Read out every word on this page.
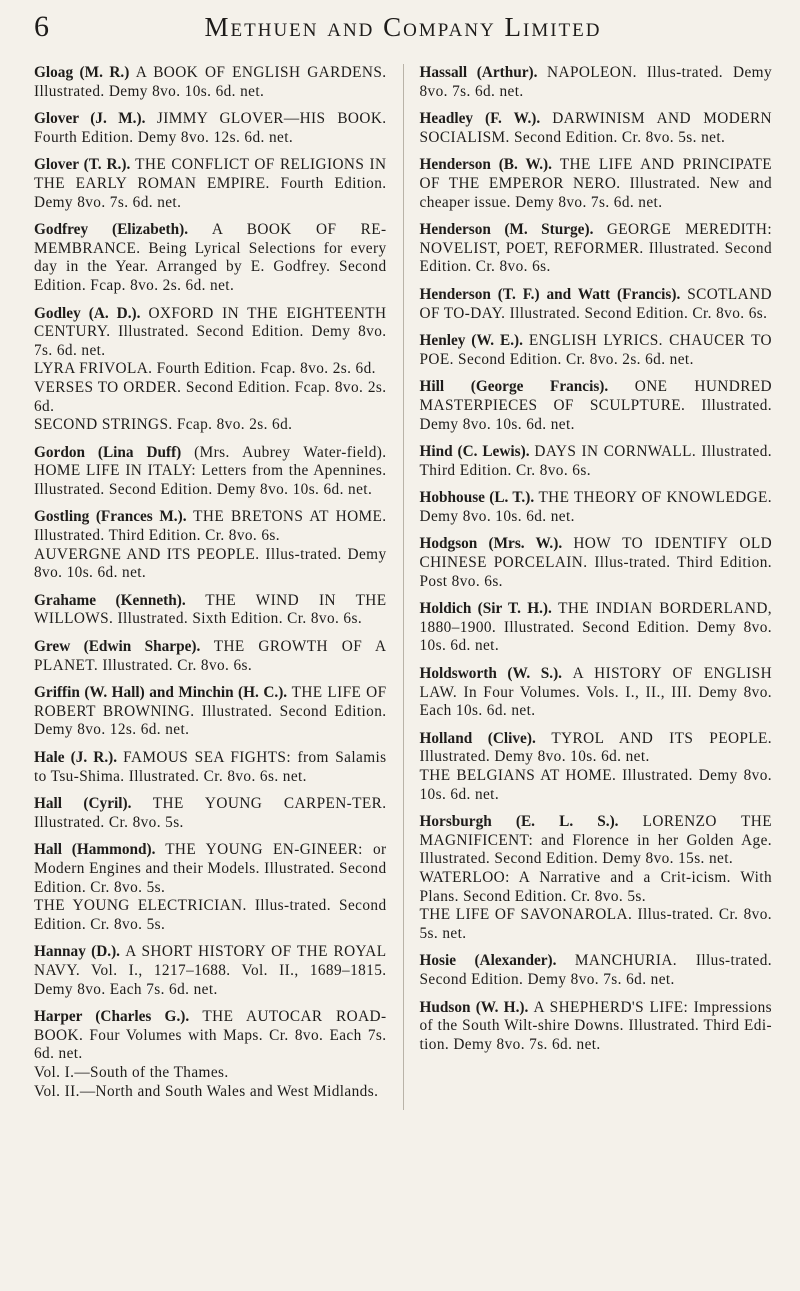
6	Methuen and Company Limited

Gloag (M. R.) A BOOK OF ENGLISH GARDENS. Illustrated. Demy 8vo. 10s. 6d. net.

Glover (J. M.). JIMMY GLOVER—HIS BOOK. Fourth Edition. Demy 8vo. 12s. 6d. net.

Glover (T. R.). THE CONFLICT OF RELIGIONS IN THE EARLY ROMAN EMPIRE. Fourth Edition. Demy 8vo. 7s. 6d. net.

Godfrey (Elizabeth). A BOOK OF RE-MEMBRANCE. Being Lyrical Selections for every day in the Year. Arranged by E. Godfrey. Second Edition. Fcap. 8vo. 2s. 6d. net.

Godley (A. D.). OXFORD IN THE EIGHTEENTH CENTURY. Illustrated. Second Edition. Demy 8vo. 7s. 6d. net.

LYRA FRIVOLA. Fourth Edition. Fcap. 8vo. 2s. 6d.

VERSES TO ORDER. Second Edition. Fcap. 8vo. 2s. 6d.

SECOND STRINGS. Fcap. 8vo. 2s. 6d.

Gordon (Lina Duff) (Mrs. Aubrey Water-field). HOME LIFE IN ITALY: Letters from the Apennines. Illustrated. Second Edition. Demy 8vo. 10s. 6d. net.

Gostling (Frances M.). THE BRETONS AT HOME. Illustrated. Third Edition. Cr. 8vo. 6s.

AUVERGNE AND ITS PEOPLE. Illus-trated. Demy 8vo. 10s. 6d. net.

Grahame (Kenneth). THE WIND IN THE WILLOWS. Illustrated. Sixth Edition. Cr. 8vo. 6s.

Grew (Edwin Sharpe). THE GROWTH OF A PLANET. Illustrated. Cr. 8vo. 6s.

Griffin (W. Hall) and Minchin (H. C.). THE LIFE OF ROBERT BROWNING. Illustrated. Second Edition. Demy 8vo. 12s. 6d. net.

Hale (J. R.). FAMOUS SEA FIGHTS: from Salamis to Tsu-Shima. Illustrated. Cr. 8vo. 6s. net.

Hall (Cyril). THE YOUNG CARPEN-TER. Illustrated. Cr. 8vo. 5s.

Hall (Hammond). THE YOUNG EN-GINEER: or Modern Engines and their Models. Illustrated. Second Edition. Cr. 8vo. 5s.

THE YOUNG ELECTRICIAN. Illus-trated. Second Edition. Cr. 8vo. 5s.

Hannay (D.). A SHORT HISTORY OF THE ROYAL NAVY. Vol. I., 1217–1688. Vol. II., 1689–1815. Demy 8vo. Each 7s. 6d. net.

Harper (Charles G.). THE AUTOCAR ROAD-BOOK. Four Volumes with Maps. Cr. 8vo. Each 7s. 6d. net.

Vol. I.—South of the Thames.

Vol. II.—North and South Wales and West Midlands.

Hassall (Arthur). NAPOLEON. Illus-trated. Demy 8vo. 7s. 6d. net.

Headley (F. W.). DARWINISM AND MODERN SOCIALISM. Second Edition. Cr. 8vo. 5s. net.

Henderson (B. W.). THE LIFE AND PRINCIPATE OF THE EMPEROR NERO. Illustrated. New and cheaper issue. Demy 8vo. 7s. 6d. net.

Henderson (M. Sturge). GEORGE MEREDITH: NOVELIST, POET, REFORMER. Illustrated. Second Edition. Cr. 8vo. 6s.

Henderson (T. F.) and Watt (Francis). SCOTLAND OF TO-DAY. Illustrated. Second Edition. Cr. 8vo. 6s.

Henley (W. E.). ENGLISH LYRICS. CHAUCER TO POE. Second Edition. Cr. 8vo. 2s. 6d. net.

Hill (George Francis). ONE HUNDRED MASTERPIECES OF SCULPTURE. Illustrated. Demy 8vo. 10s. 6d. net.

Hind (C. Lewis). DAYS IN CORNWALL. Illustrated. Third Edition. Cr. 8vo. 6s.

Hobhouse (L. T.). THE THEORY OF KNOWLEDGE. Demy 8vo. 10s. 6d. net.

Hodgson (Mrs. W.). HOW TO IDENTIFY OLD CHINESE PORCELAIN. Illus-trated. Third Edition. Post 8vo. 6s.

Holdich (Sir T. H.). THE INDIAN BORDERLAND, 1880–1900. Illustrated. Second Edition. Demy 8vo. 10s. 6d. net.

Holdsworth (W. S.). A HISTORY OF ENGLISH LAW. In Four Volumes. Vols. I., II., III. Demy 8vo. Each 10s. 6d. net.

Holland (Clive). TYROL AND ITS PEOPLE. Illustrated. Demy 8vo. 10s. 6d. net.

THE BELGIANS AT HOME. Illustrated. Demy 8vo. 10s. 6d. net.

Horsburgh (E. L. S.). LORENZO THE MAGNIFICENT: and Florence in her Golden Age. Illustrated. Second Edition. Demy 8vo. 15s. net.

WATERLOO: A Narrative and a Crit-icism. With Plans. Second Edition. Cr. 8vo. 5s.

THE LIFE OF SAVONAROLA. Illus-trated. Cr. 8vo. 5s. net.

Hosie (Alexander). MANCHURIA. Illus-trated. Second Edition. Demy 8vo. 7s. 6d. net.

Hudson (W. H.). A SHEPHERD'S LIFE: Impressions of the South Wilt-shire Downs. Illustrated. Third Edi-tion. Demy 8vo. 7s. 6d. net.
